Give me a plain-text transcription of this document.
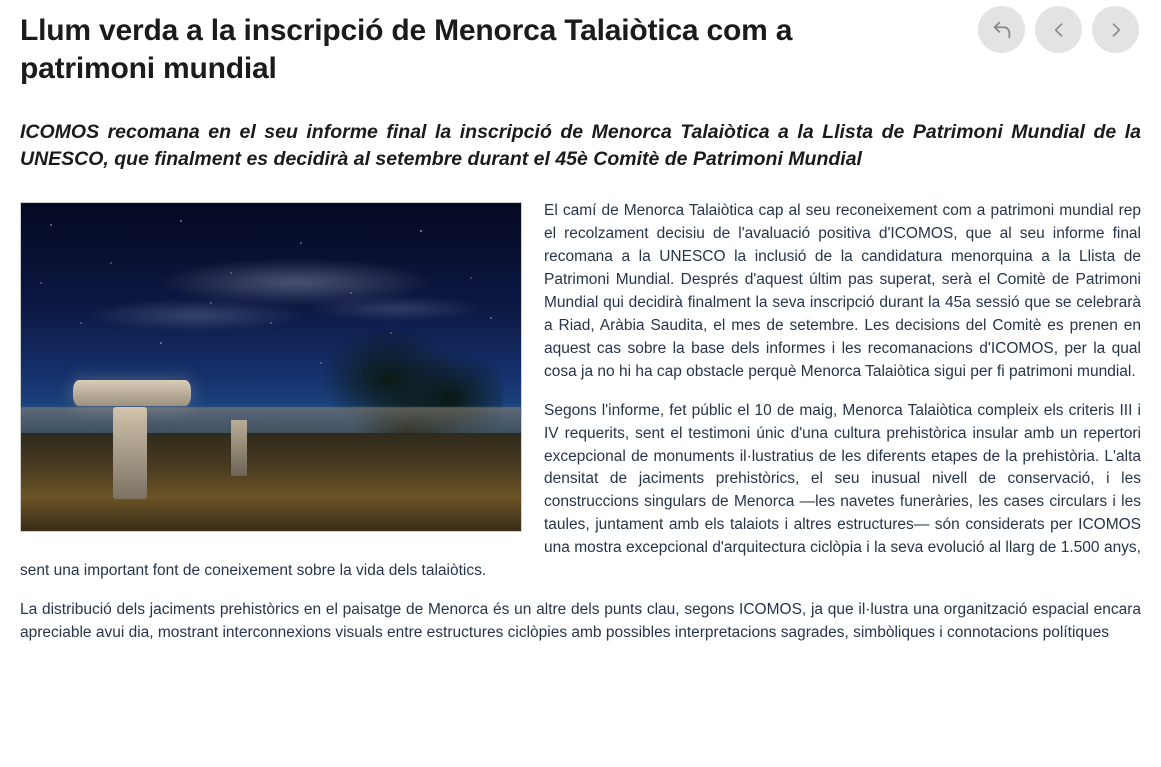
Llum verda a la inscripció de Menorca Talaiòtica com a patrimoni mundial
ICOMOS recomana en el seu informe final la inscripció de Menorca Talaiòtica a la Llista de Patrimoni Mundial de la UNESCO, que finalment es decidirà al setembre durant el 45è Comitè de Patrimoni Mundial

El camí de Menorca Talaiòtica cap al seu reconeixement com a patrimoni mundial rep el recolzament decisiu de l'avaluació positiva d'ICOMOS, que al seu informe final recomana a la UNESCO la inclusió de la candidatura menorquina a la Llista de Patrimoni Mundial. Després d'aquest últim pas superat, serà el Comitè de Patrimoni Mundial qui decidirà finalment la seva inscripció durant la 45a sessió que se celebrarà a Riad, Aràbia Saudita, el mes de setembre. Les decisions del Comitè es prenen en aquest cas sobre la base dels informes i les recomanacions d'ICOMOS, per la qual cosa ja no hi ha cap obstacle perquè Menorca Talaiòtica sigui per fi patrimoni mundial.

Segons l'informe, fet públic el 10 de maig, Menorca Talaiòtica compleix els criteris III i IV requerits, sent el testimoni únic d'una cultura prehistòrica insular amb un repertori excepcional de monuments il·lustratius de les diferents etapes de la prehistòria. L'alta densitat de jaciments prehistòrics, el seu inusual nivell de conservació, i les construccions singulars de Menorca —les navetes funeràries, les cases circulars i les taules, juntament amb els talaiots i altres estructures— són considerats per ICOMOS una mostra excepcional d'arquitectura ciclòpia i la seva evolució al llarg de 1.500 anys, sent una important font de coneixement sobre la vida dels talaiòtics.

La distribució dels jaciments prehistòrics en el paisatge de Menorca és un altre dels punts clau, segons ICOMOS, ja que il·lustra una organització espacial encara apreciable avui dia, mostrant interconnexions visuals entre estructures ciclòpies amb possibles interpretacions sagrades, simbòliques i connotacions polítiques
